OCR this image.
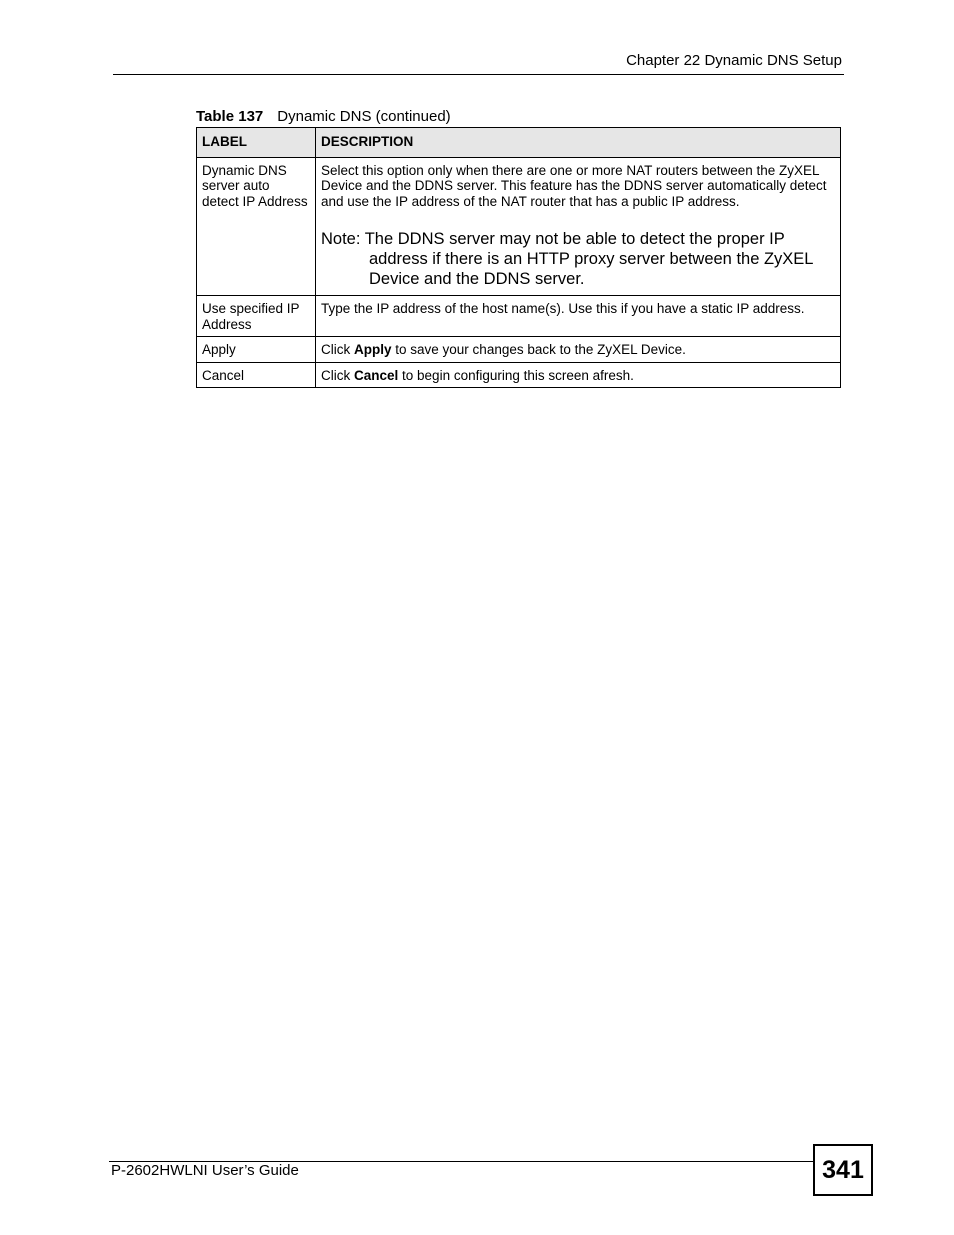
Chapter 22 Dynamic DNS Setup
Table 137 Dynamic DNS (continued)
LABEL	DESCRIPTION
Dynamic DNS server auto detect IP Address	Select this option only when there are one or more NAT routers between the ZyXEL Device and the DDNS server. This feature has the DDNS server automatically detect and use the IP address of the NAT router that has a public IP address.
Note: The DDNS server may not be able to detect the proper IP address if there is an HTTP proxy server between the ZyXEL Device and the DDNS server.

Use specified IP Address	Type the IP address of the host name(s). Use this if you have a static IP address.
Apply	Click Apply to save your changes back to the ZyXEL Device.
Cancel	Click Cancel to begin configuring this screen afresh.
P-2602HWLNI User’s Guide	341
